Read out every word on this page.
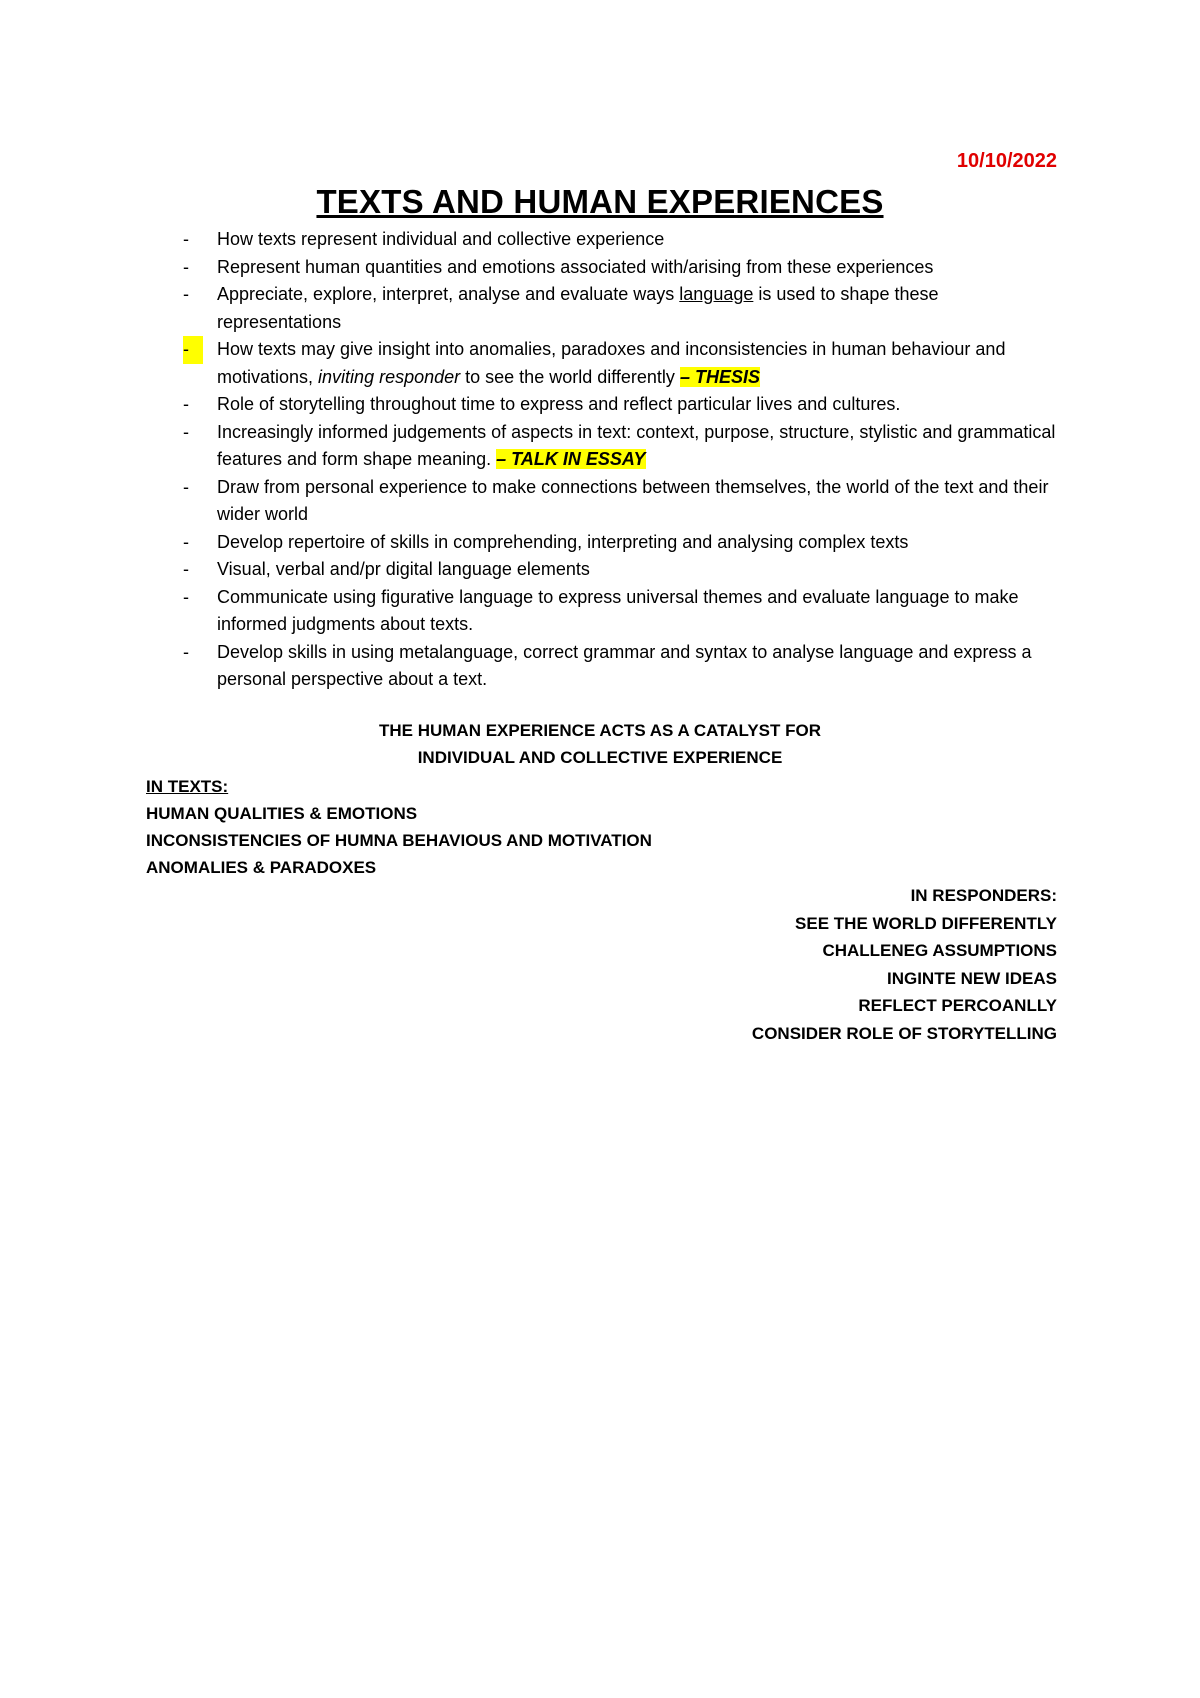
10/10/2022
TEXTS AND HUMAN EXPERIENCES
-	How texts represent individual and collective experience
-	Represent human quantities and emotions associated with/arising from these experiences
-	Appreciate, explore, interpret, analyse and evaluate ways language is used to shape these representations
-	How texts may give insight into anomalies, paradoxes and inconsistencies in human behaviour and motivations, inviting responder to see the world differently – THESIS
-	Role of storytelling throughout time to express and reflect particular lives and cultures.
-	Increasingly informed judgements of aspects in text: context, purpose, structure, stylistic and grammatical features and form shape meaning. – TALK IN ESSAY
-	Draw from personal experience to make connections between themselves, the world of the text and their wider world
-	Develop repertoire of skills in comprehending, interpreting and analysing complex texts
-	Visual, verbal and/pr digital language elements
-	Communicate using figurative language to express universal themes and evaluate language to make informed judgments about texts.
-	Develop skills in using metalanguage, correct grammar and syntax to analyse language and express a personal perspective about a text.
THE HUMAN EXPERIENCE ACTS AS A CATALYST FOR
INDIVIDUAL AND COLLECTIVE EXPERIENCE
IN TEXTS:
HUMAN QUALITIES & EMOTIONS
INCONSISTENCIES OF HUMNA BEHAVIOUS AND MOTIVATION
ANOMALIES & PARADOXES
IN RESPONDERS:
SEE THE WORLD DIFFERENTLY
CHALLENEG ASSUMPTIONS
INGINTE NEW IDEAS
REFLECT PERCOANLLY
CONSIDER ROLE OF STORYTELLING
